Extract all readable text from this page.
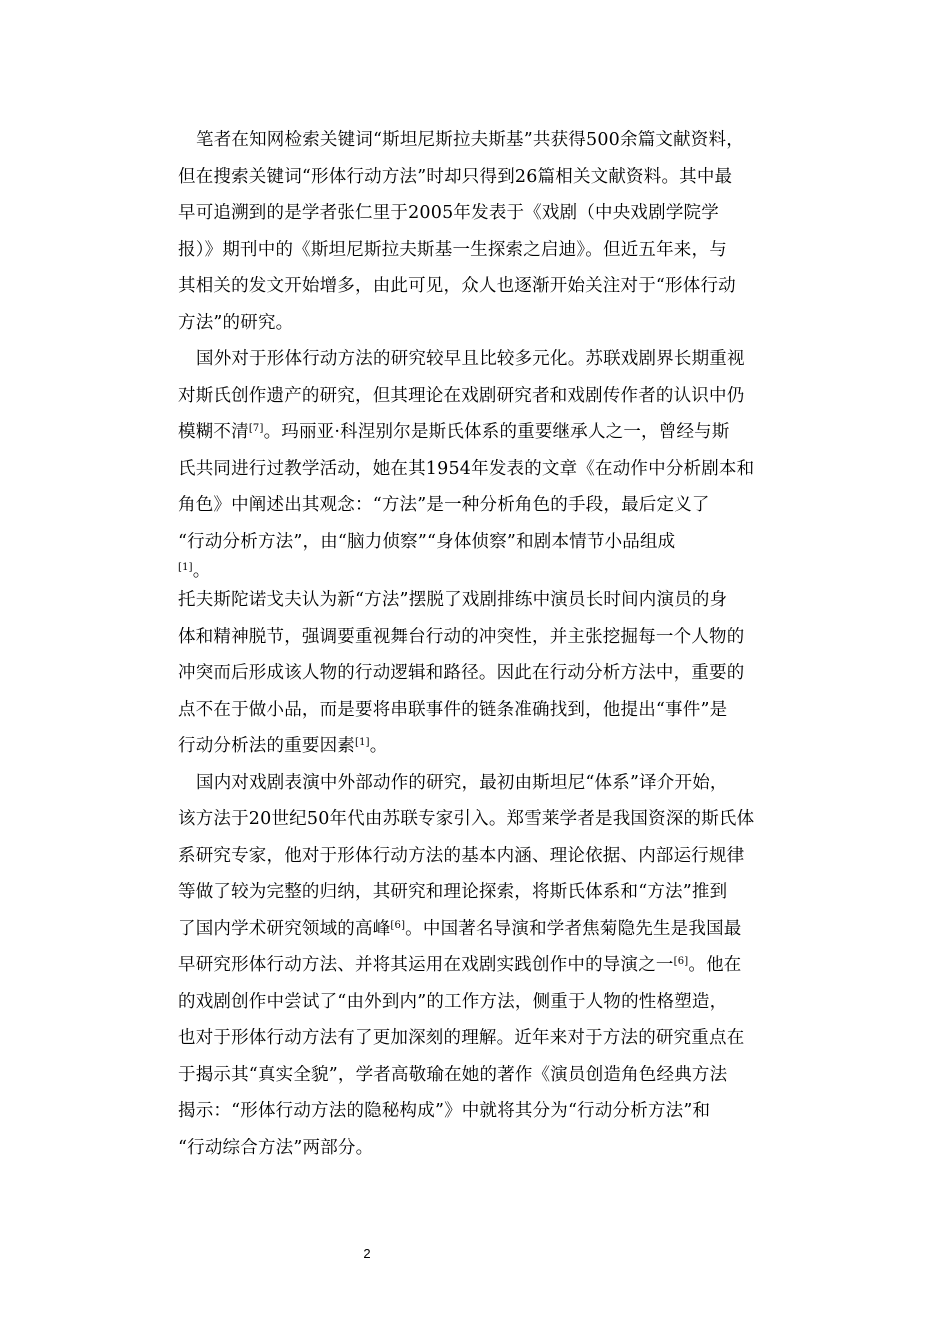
笔者在知网检索关键词“斯坦尼斯拉夫斯基”共获得500余篇文献资料，
但在搜索关键词“形体行动方法”时却只得到26篇相关文献资料。其中最
早可追溯到的是学者张仁里于2005年发表于《戏剧（中央戏剧学院学
报）》期刊中的《斯坦尼斯拉夫斯基一生探索之启迪》。但近五年来，与
其相关的发文开始增多，由此可见，众人也逐渐开始关注对于“形体行动
方法”的研究。
国外对于形体行动方法的研究较早且比较多元化。苏联戏剧界长期重视
对斯氏创作遗产的研究，但其理论在戏剧研究者和戏剧传作者的认识中仍
模糊不清[7]。玛丽亚·科涅别尔是斯氏体系的重要继承人之一，曾经与斯
氏共同进行过教学活动，她在其1954年发表的文章《在动作中分析剧本和
角色》中阐述出其观念：“方法”是一种分析角色的手段，最后定义了
“行动分析方法”，由“脑力侦察”“身体侦察”和剧本情节小品组成
[1]。
托夫斯陀诺戈夫认为新“方法”摆脱了戏剧排练中演员长时间内演员的身
体和精神脱节，强调要重视舞台行动的冲突性，并主张挖掘每一个人物的
冲突而后形成该人物的行动逻辑和路径。因此在行动分析方法中，重要的
点不在于做小品，而是要将串联事件的链条准确找到，他提出“事件”是
行动分析法的重要因素[1]。
国内对戏剧表演中外部动作的研究，最初由斯坦尼“体系”译介开始，
该方法于20世纪50年代由苏联专家引入。郑雪莱学者是我国资深的斯氏体
系研究专家，他对于形体行动方法的基本内涵、理论依据、内部运行规律
等做了较为完整的归纳，其研究和理论探索，将斯氏体系和“方法”推到
了国内学术研究领域的高峰[6]。中国著名导演和学者焦菊隐先生是我国最
早研究形体行动方法、并将其运用在戏剧实践创作中的导演之一[6]。他在
的戏剧创作中尝试了“由外到内”的工作方法，侧重于人物的性格塑造，
也对于形体行动方法有了更加深刻的理解。近年来对于方法的研究重点在
于揭示其“真实全貌”，学者高敬瑜在她的著作《演员创造角色经典方法
揭示：“形体行动方法的隐秘构成”》中就将其分为“行动分析方法”和
“行动综合方法”两部分。
2
